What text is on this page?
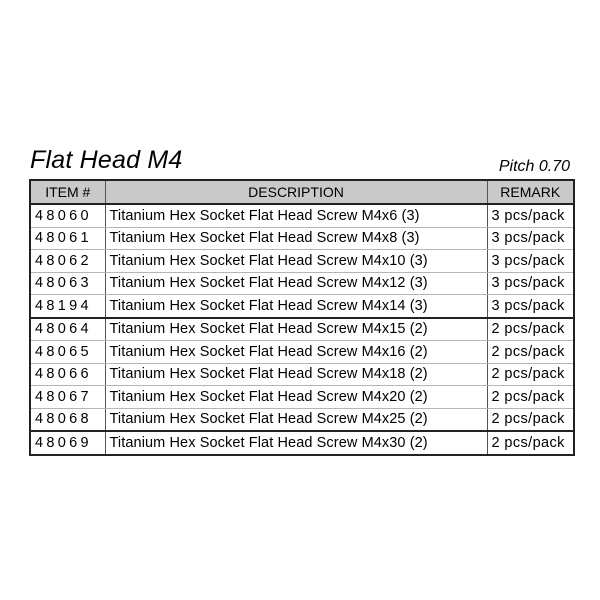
Flat Head M4	Pitch 0.70
ITEM #	DESCRIPTION	REMARK
48060	Titanium Hex Socket Flat Head Screw M4x6 (3)	3 pcs/pack
48061	Titanium Hex Socket Flat Head Screw M4x8 (3)	3 pcs/pack
48062	Titanium Hex Socket Flat Head Screw M4x10 (3)	3 pcs/pack
48063	Titanium Hex Socket Flat Head Screw M4x12 (3)	3 pcs/pack
48194	Titanium Hex Socket Flat Head Screw M4x14 (3)	3 pcs/pack
48064	Titanium Hex Socket Flat Head Screw M4x15 (2)	2 pcs/pack
48065	Titanium Hex Socket Flat Head Screw M4x16 (2)	2 pcs/pack
48066	Titanium Hex Socket Flat Head Screw M4x18 (2)	2 pcs/pack
48067	Titanium Hex Socket Flat Head Screw M4x20 (2)	2 pcs/pack
48068	Titanium Hex Socket Flat Head Screw M4x25 (2)	2 pcs/pack
48069	Titanium Hex Socket Flat Head Screw M4x30 (2)	2 pcs/pack
